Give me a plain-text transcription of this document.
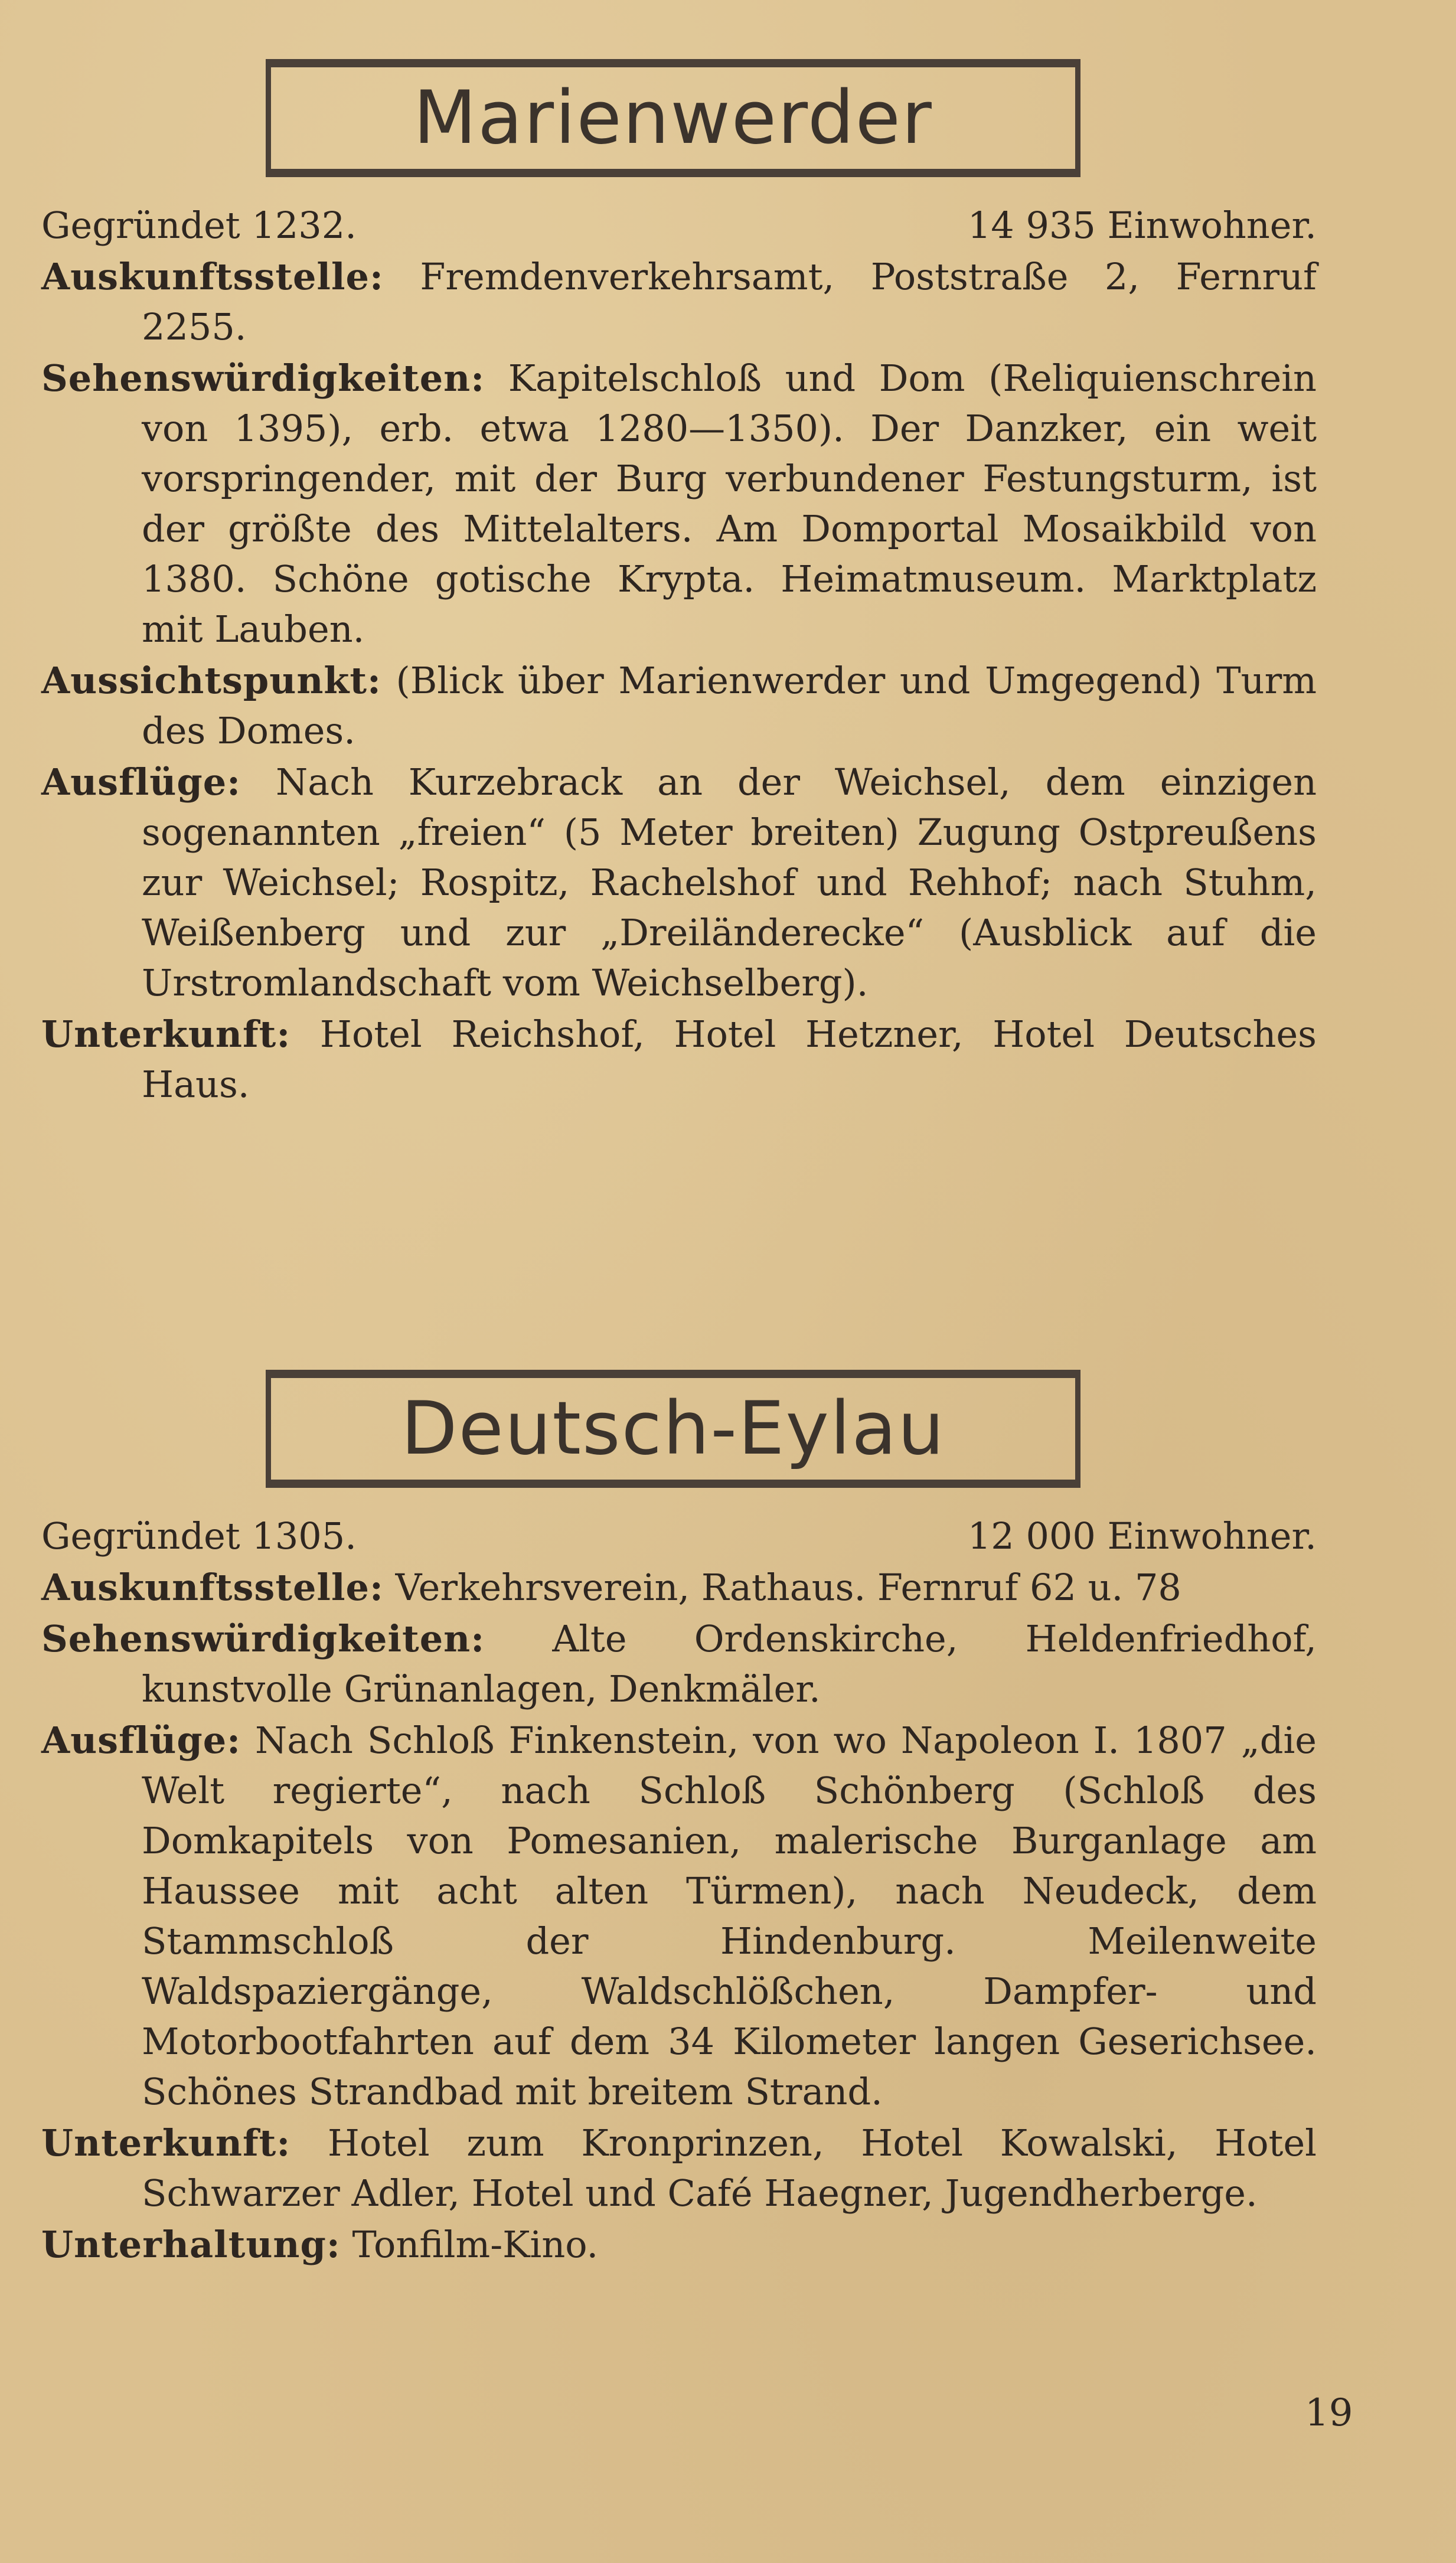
Marienwerder
Gegründet 1232.	14 935 Einwohner.
Auskunftsstelle: Fremdenverkehrsamt, Poststraße 2, Fernruf 2255.
Sehenswürdigkeiten: Kapitelschloß und Dom (Reliquienschrein von 1395), erb. etwa 1280—1350). Der Danzker, ein weit vorspringender, mit der Burg verbundener Festungsturm, ist der größte des Mittelalters. Am Domportal Mosaikbild von 1380. Schöne gotische Krypta. Heimatmuseum. Marktplatz mit Lauben.
Aussichtspunkt: (Blick über Marienwerder und Umgegend) Turm des Domes.
Ausflüge: Nach Kurzebrack an der Weichsel, dem einzigen sogenannten „freien“ (5 Meter breiten) Zugung Ostpreußens zur Weichsel; Rospitz, Rachelshof und Rehhof; nach Stuhm, Weißenberg und zur „Dreiländerecke“ (Ausblick auf die Urstromlandschaft vom Weichselberg).
Unterkunft: Hotel Reichshof, Hotel Hetzner, Hotel Deutsches Haus.
Deutsch-Eylau
Gegründet 1305.	12 000 Einwohner.
Auskunftsstelle: Verkehrsverein, Rathaus. Fernruf 62 u. 78
Sehenswürdigkeiten: Alte Ordenskirche, Heldenfriedhof, kunstvolle Grünanlagen, Denkmäler.
Ausflüge: Nach Schloß Finkenstein, von wo Napoleon I. 1807 „die Welt regierte“, nach Schloß Schönberg (Schloß des Domkapitels von Pomesanien, malerische Burganlage am Haussee mit acht alten Türmen), nach Neudeck, dem Stammschloß der Hindenburg. Meilenweite Waldspaziergänge, Waldschlößchen, Dampfer- und Motorbootfahrten auf dem 34 Kilometer langen Geserichsee. Schönes Strandbad mit breitem Strand.
Unterkunft: Hotel zum Kronprinzen, Hotel Kowalski, Hotel Schwarzer Adler, Hotel und Café Haegner, Jugendherberge.
Unterhaltung: Tonfilm-Kino.
19
